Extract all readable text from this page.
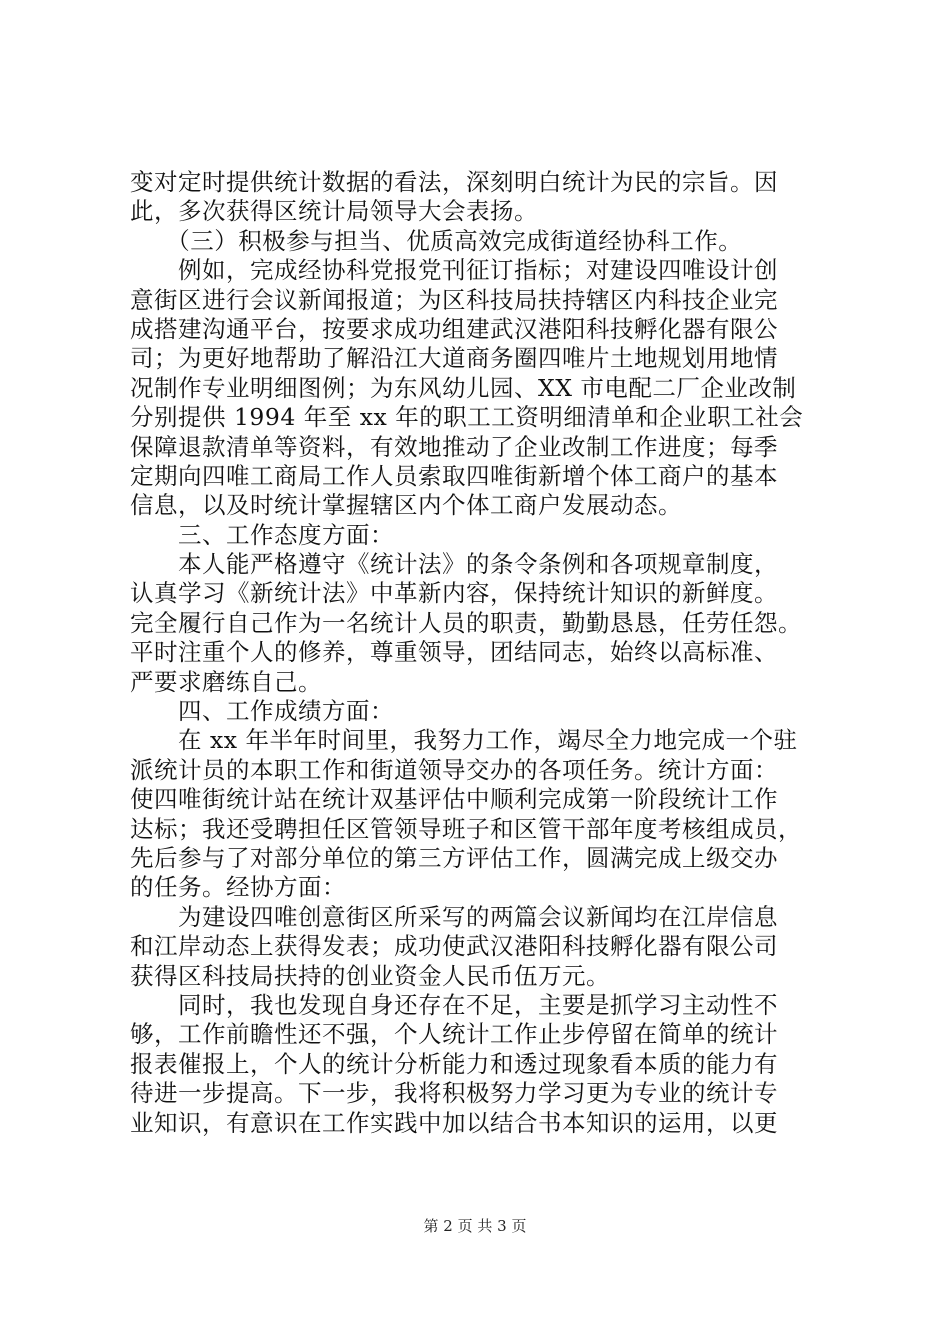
变对定时提供统计数据的看法，深刻明白统计为民的宗旨。因
此，多次获得区统计局领导大会表扬。
　　（三）积极参与担当、优质高效完成街道经协科工作。
　　例如，完成经协科党报党刊征订指标；对建设四唯设计创
意街区进行会议新闻报道；为区科技局扶持辖区内科技企业完
成搭建沟通平台，按要求成功组建武汉港阳科技孵化器有限公
司；为更好地帮助了解沿江大道商务圈四唯片土地规划用地情
况制作专业明细图例；为东风幼儿园、XX 市电配二厂企业改制
分别提供 1994 年至 xx 年的职工工资明细清单和企业职工社会
保障退款清单等资料，有效地推动了企业改制工作进度；每季
定期向四唯工商局工作人员索取四唯街新增个体工商户的基本
信息，以及时统计掌握辖区内个体工商户发展动态。
　　三、工作态度方面：
　　本人能严格遵守《统计法》的条令条例和各项规章制度，
认真学习《新统计法》中革新内容，保持统计知识的新鲜度。
完全履行自己作为一名统计人员的职责，勤勤恳恳，任劳任怨。
平时注重个人的修养，尊重领导，团结同志，始终以高标准、
严要求磨练自己。
　　四、工作成绩方面：
　　在 xx 年半年时间里，我努力工作，竭尽全力地完成一个驻
派统计员的本职工作和街道领导交办的各项任务。统计方面：
使四唯街统计站在统计双基评估中顺利完成第一阶段统计工作
达标；我还受聘担任区管领导班子和区管干部年度考核组成员，
先后参与了对部分单位的第三方评估工作，圆满完成上级交办
的任务。经协方面：
　　为建设四唯创意街区所采写的两篇会议新闻均在江岸信息
和江岸动态上获得发表；成功使武汉港阳科技孵化器有限公司
获得区科技局扶持的创业资金人民币伍万元。
　　同时，我也发现自身还存在不足，主要是抓学习主动性不
够，工作前瞻性还不强，个人统计工作止步停留在简单的统计
报表催报上，个人的统计分析能力和透过现象看本质的能力有
待进一步提高。下一步，我将积极努力学习更为专业的统计专
业知识，有意识在工作实践中加以结合书本知识的运用，以更
第 2 页 共 3 页
